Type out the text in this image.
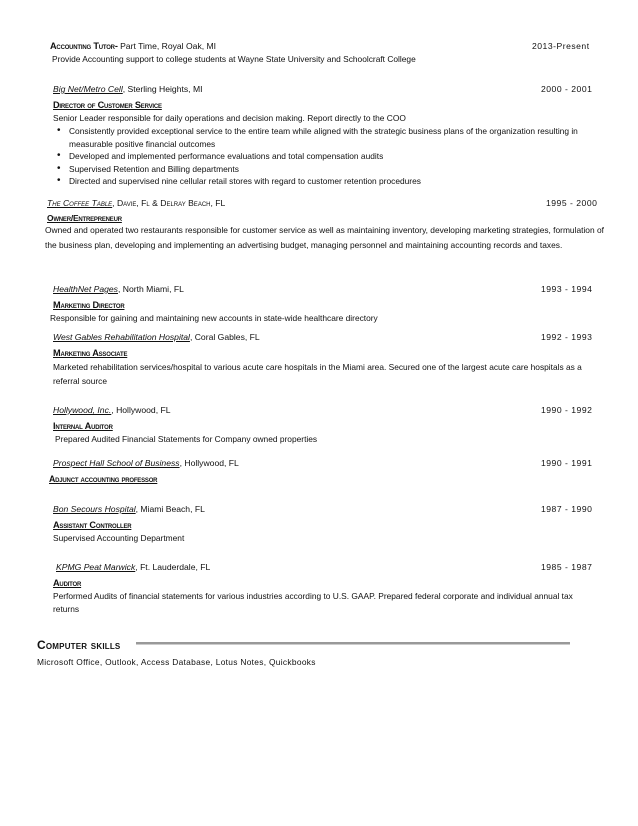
Accounting Tutor- Part Time, Royal Oak, MI	2013-Present
Provide Accounting support to college students at Wayne State University and Schoolcraft College
Big Net/Metro Cell, Sterling Heights, MI	2000 - 2001
Director of Customer Service
Senior Leader responsible for daily operations and decision making. Report directly to the COO
• Consistently provided exceptional service to the entire team while aligned with the strategic business plans of the organization resulting in measurable positive financial outcomes
• Developed and implemented performance evaluations and total compensation audits
• Supervised Retention and Billing departments
• Directed and supervised nine cellular retail stores with regard to customer retention procedures
The Coffee Table, Davie, Fl & Delray Beach, FL	1995 - 2000
Owner/Entrepreneur
Owned and operated two restaurants responsible for customer service as well as maintaining inventory, developing marketing strategies, formulation of the business plan, developing and implementing an advertising budget, managing personnel and maintaining accounting records and taxes.
HealthNet Pages, North Miami, FL	1993 - 1994
Marketing Director
Responsible for gaining and maintaining new accounts in state-wide healthcare directory
West Gables Rehabilitation Hospital, Coral Gables, FL	1992 - 1993
Marketing Associate
Marketed rehabilitation services/hospital to various acute care hospitals in the Miami area. Secured one of the largest acute care hospitals as a referral source
Hollywood, Inc., Hollywood, FL	1990 - 1992
Internal Auditor
Prepared Audited Financial Statements for Company owned properties
Prospect Hall School of Business, Hollywood, FL	1990 - 1991
Adjunct accounting professor
Bon Secours Hospital, Miami Beach, FL	1987 - 1990
Assistant Controller
Supervised Accounting Department
KPMG Peat Marwick, Ft. Lauderdale, FL	1985 - 1987
Auditor
Performed Audits of financial statements for various industries according to U.S. GAAP. Prepared federal corporate and individual annual tax returns
Computer skills
Microsoft Office, Outlook, Access Database, Lotus Notes, Quickbooks
